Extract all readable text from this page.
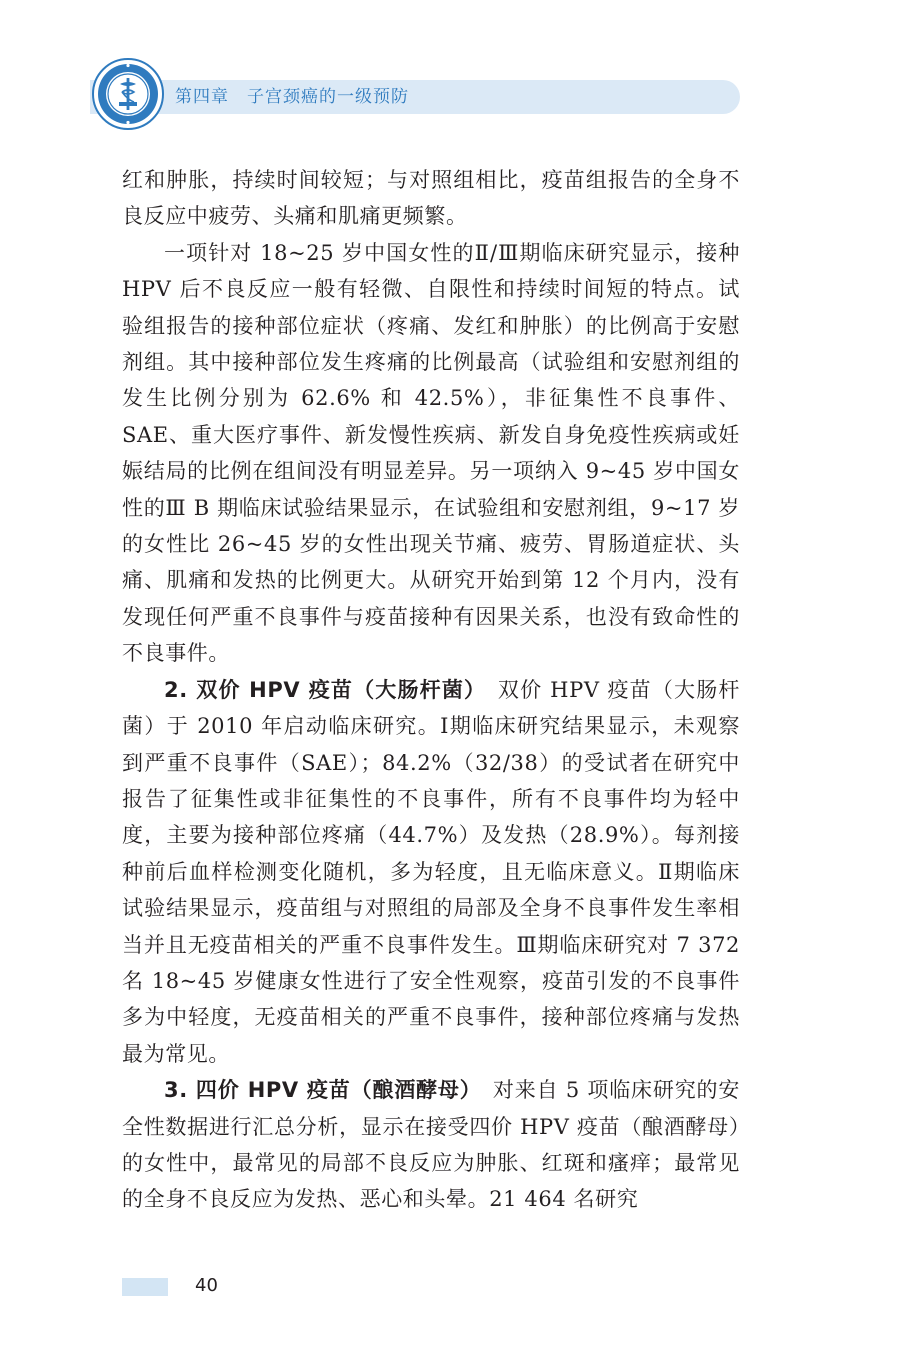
第四章　子宫颈癌的一级预防

红和肿胀，持续时间较短；与对照组相比，疫苗组报告的全身不良反应中疲劳、头痛和肌痛更频繁。

一项针对 18~25 岁中国女性的Ⅱ/Ⅲ期临床研究显示，接种 HPV 后不良反应一般有轻微、自限性和持续时间短的特点。试验组报告的接种部位症状（疼痛、发红和肿胀）的比例高于安慰剂组。其中接种部位发生疼痛的比例最高（试验组和安慰剂组的发生比例分别为 62.6% 和 42.5%），非征集性不良事件、SAE、重大医疗事件、新发慢性疾病、新发自身免疫性疾病或妊娠结局的比例在组间没有明显差异。另一项纳入 9~45 岁中国女性的Ⅲ B 期临床试验结果显示，在试验组和安慰剂组，9~17 岁的女性比 26~45 岁的女性出现关节痛、疲劳、胃肠道症状、头痛、肌痛和发热的比例更大。从研究开始到第 12 个月内，没有发现任何严重不良事件与疫苗接种有因果关系，也没有致命性的不良事件。

2. 双价 HPV 疫苗（大肠杆菌）　双价 HPV 疫苗（大肠杆菌）于 2010 年启动临床研究。Ⅰ期临床研究结果显示，未观察到严重不良事件（SAE）；84.2%（32/38）的受试者在研究中报告了征集性或非征集性的不良事件，所有不良事件均为轻中度，主要为接种部位疼痛（44.7%）及发热（28.9%）。每剂接种前后血样检测变化随机，多为轻度，且无临床意义。Ⅱ期临床试验结果显示，疫苗组与对照组的局部及全身不良事件发生率相当并且无疫苗相关的严重不良事件发生。Ⅲ期临床研究对 7 372 名 18~45 岁健康女性进行了安全性观察，疫苗引发的不良事件多为中轻度，无疫苗相关的严重不良事件，接种部位疼痛与发热最为常见。

3. 四价 HPV 疫苗（酿酒酵母）　对来自 5 项临床研究的安全性数据进行汇总分析，显示在接受四价 HPV 疫苗（酿酒酵母）的女性中，最常见的局部不良反应为肿胀、红斑和瘙痒；最常见的全身不良反应为发热、恶心和头晕。21 464 名研究

40
